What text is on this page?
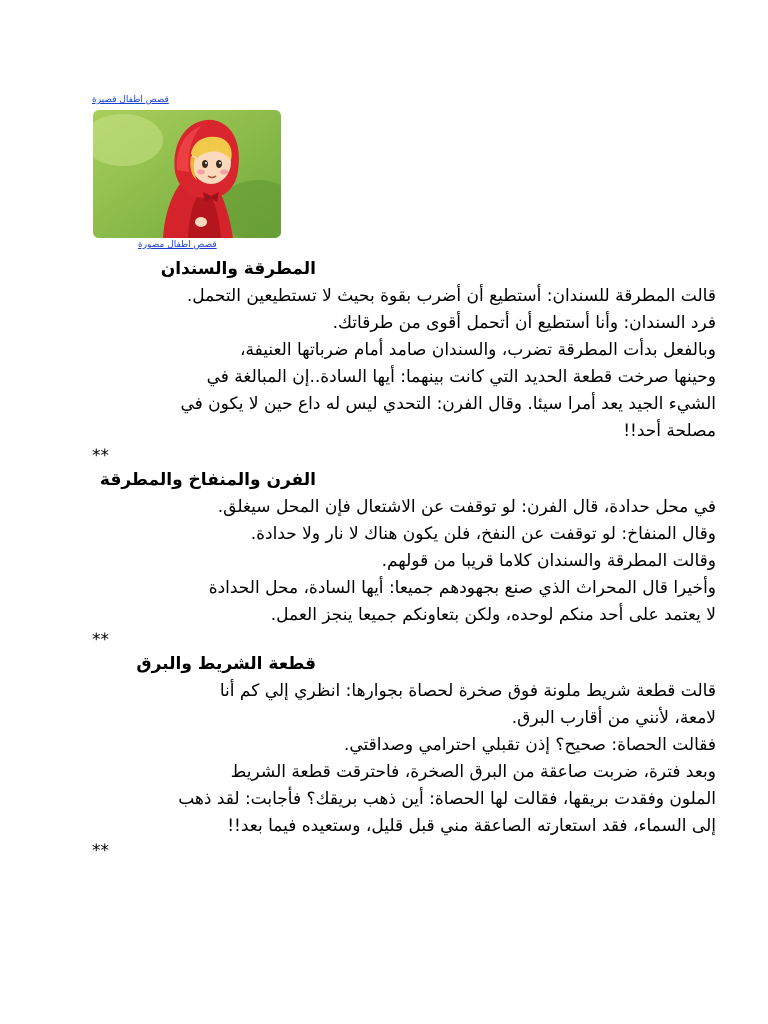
قصص اطفال قصيرة
قصص اطفال مصورة

المطرقة والسندان

قالت المطرقة للسندان: أستطيع أن أضرب بقوة بحيث لا تستطيعين التحمل.

فرد السندان: وأنا أستطيع أن أتحمل أقوى من طرقاتك.

وبالفعل بدأت المطرقة تضرب، والسندان صامد أمام ضرباتها العنيفة،

وحينها صرخت قطعة الحديد التي كانت بينهما: أيها السادة..إن المبالغة في

الشيء الجيد يعد أمرا سيئا. وقال الفرن: التحدي ليس له داع حين لا يكون في

مصلحة أحد!!

**

الفرن والمنفاخ والمطرقة

في محل حدادة، قال الفرن: لو توقفت عن الاشتعال فإن المحل سيغلق.

وقال المنفاخ: لو توقفت عن النفخ، فلن يكون هناك لا نار ولا حدادة.

وقالت المطرقة والسندان كلاما قريبا من قولهم.

وأخيرا قال المحراث الذي صنع بجهودهم جميعا: أيها السادة، محل الحدادة

لا يعتمد على أحد منكم لوحده، ولكن بتعاونكم جميعا ينجز العمل.

**

قطعة الشريط والبرق

قالت قطعة شريط ملونة فوق صخرة لحصاة بجوارها: انظري إلي كم أنا

لامعة، لأنني من أقارب البرق.

فقالت الحصاة: صحيح؟ إذن تقبلي احترامي وصداقتي.

وبعد فترة، ضربت صاعقة من البرق الصخرة، فاحترقت قطعة الشريط

الملون وفقدت بريقها، فقالت لها الحصاة: أين ذهب بريقك؟ فأجابت: لقد ذهب

إلى السماء، فقد استعارته الصاعقة مني قبل قليل، وستعيده فيما بعد!!

**
